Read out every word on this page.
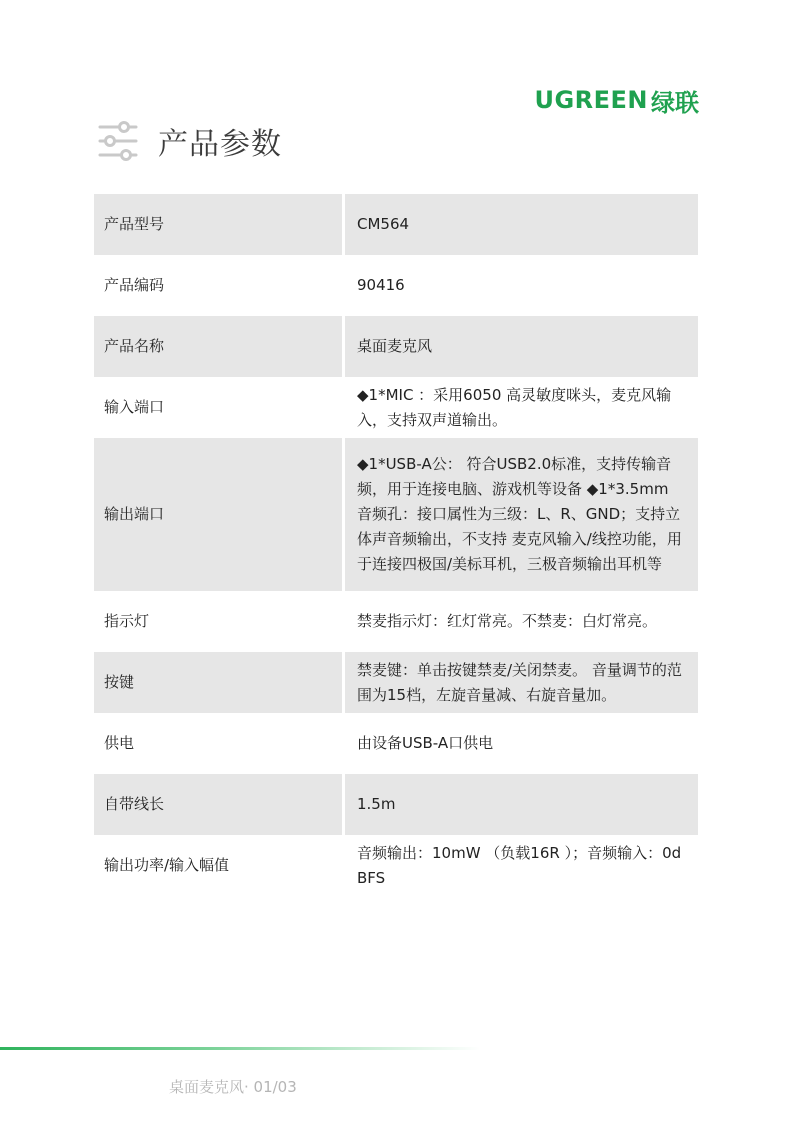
UGREEN 绿联
产品参数
产品型号	CM564
产品编码	90416
产品名称	桌面麦克风
输入端口	◆1*MIC ：采用6050 高灵敏度咪头，麦克风输入，支持双声道输出。
输出端口	◆1*USB-A公： 符合USB2.0标准，支持传输音频，用于连接电脑、游戏机等设备 ◆1*3.5mm 音频孔：接口属性为三级：L、R、GND；支持立体声音频输出，不支持 麦克风输入/线控功能，用于连接四极国/美标耳机，三极音频输出耳机等
指示灯	禁麦指示灯：红灯常亮。不禁麦：白灯常亮。
按键	禁麦键：单击按键禁麦/关闭禁麦。 音量调节的范围为15档，左旋音量减、右旋音量加。
供电	由设备USB-A口供电
自带线长	1.5m
输出功率/输入幅值	音频输出：10mW （负载16R ）；音频输入：0dBFS
桌面麦克风· 01/03
